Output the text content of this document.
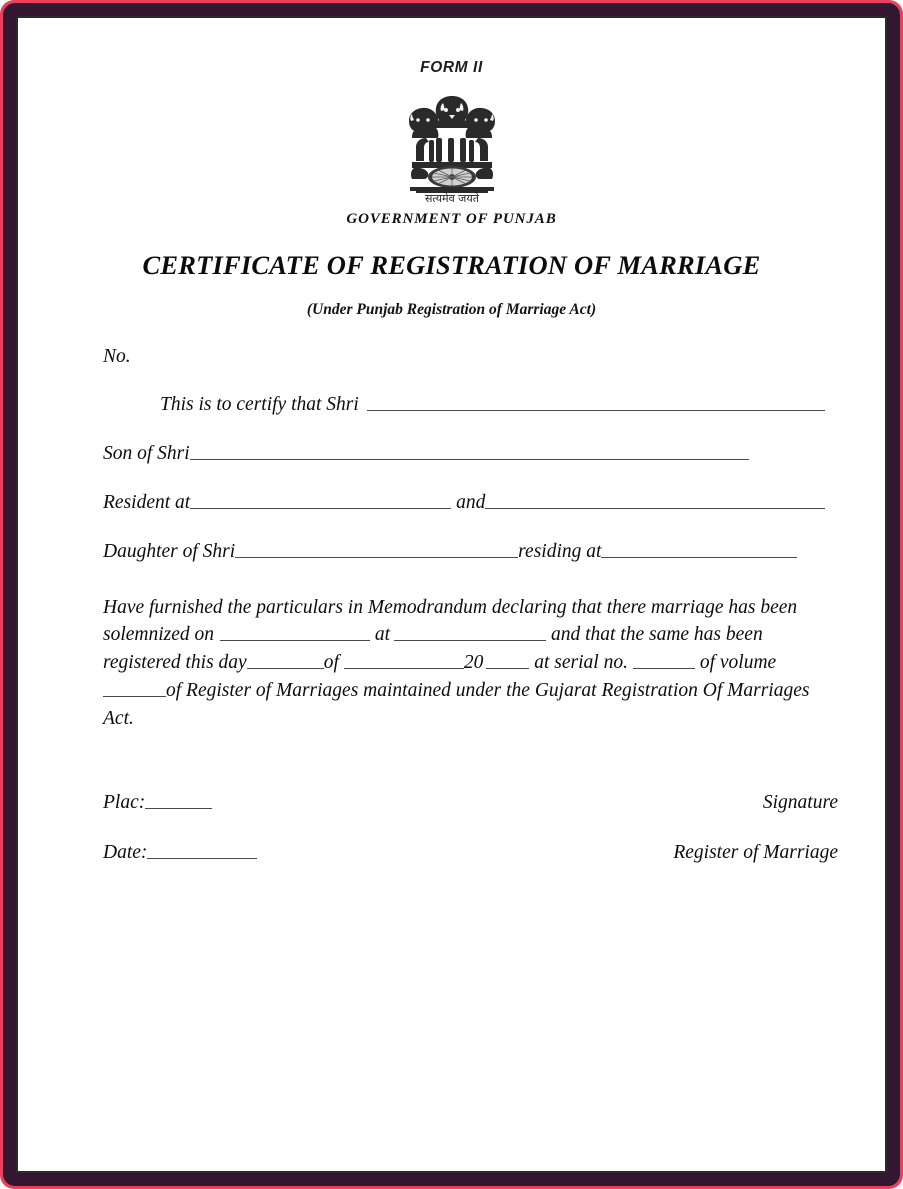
FORM II
सत्यमेव जयते
GOVERNMENT OF PUNJAB
CERTIFICATE OF REGISTRATION OF MARRIAGE
(Under Punjab Registration of Marriage Act)
No.
This is to certify that Shri
Son of Shri
Resident at	and
Daughter of Shri	residing at
Have furnished the particulars in Memodrandum declaring that there marriage has been
solemnized on	at	and that the same has been
registered this day	of	20	at serial no.	of volume
of Register of Marriages maintained under the Gujarat Registration Of Marriages
Act.
Plac:	Signature
Date:	Register of Marriage
